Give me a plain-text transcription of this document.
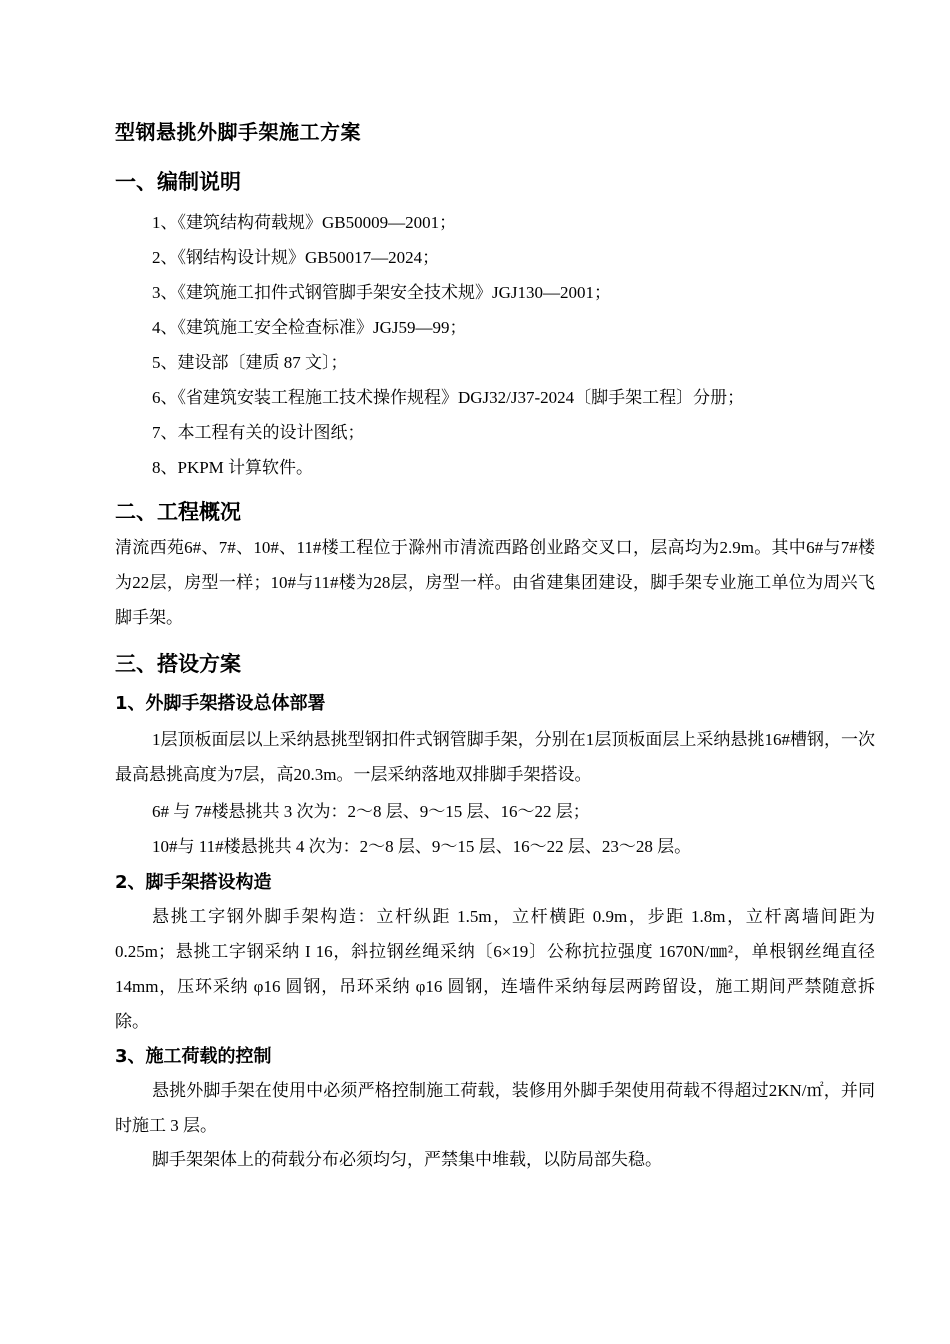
型钢悬挑外脚手架施工方案
一、编制说明
1、《建筑结构荷载规》GB50009—2001；
2、《钢结构设计规》GB50017—2024；
3、《建筑施工扣件式钢管脚手架安全技术规》JGJ130—2001；
4、《建筑施工安全检查标准》JGJ59—99；
5、建设部〔建质 87 文〕；
6、《省建筑安装工程施工技术操作规程》DGJ32/J37-2024〔脚手架工程〕分册；
7、本工程有关的设计图纸；
8、PKPM 计算软件。
二、工程概况
清流西苑6#、7#、10#、11#楼工程位于滁州市清流西路创业路交叉口，层高均为2.9m。其中6#与7#楼为22层，房型一样；10#与11#楼为28层，房型一样。由省建集团建设，脚手架专业施工单位为周兴飞脚手架。
三、搭设方案
1、外脚手架搭设总体部署
1层顶板面层以上采纳悬挑型钢扣件式钢管脚手架，分别在1层顶板面层上采纳悬挑16#槽钢，一次最高悬挑高度为7层，高20.3m。一层采纳落地双排脚手架搭设。
6# 与 7#楼悬挑共 3 次为：2～8 层、9～15 层、16～22 层；
10#与 11#楼悬挑共 4 次为：2～8 层、9～15 层、16～22 层、23～28 层。
2、脚手架搭设构造
悬挑工字钢外脚手架构造：立杆纵距 1.5m，立杆横距 0.9m，步距 1.8m，立杆离墙间距为 0.25m；悬挑工字钢采纳 I 16，斜拉钢丝绳采纳〔6×19〕公称抗拉强度 1670N/㎜²，单根钢丝绳直径 14mm，压环采纳 φ16 圆钢，吊环采纳 φ16 圆钢，连墙件采纳每层两跨留设，施工期间严禁随意拆除。
3、施工荷载的控制
悬挑外脚手架在使用中必须严格控制施工荷载，装修用外脚手架使用荷载不得超过2KN/㎡，并同时施工 3 层。
脚手架架体上的荷载分布必须均匀，严禁集中堆载，以防局部失稳。
